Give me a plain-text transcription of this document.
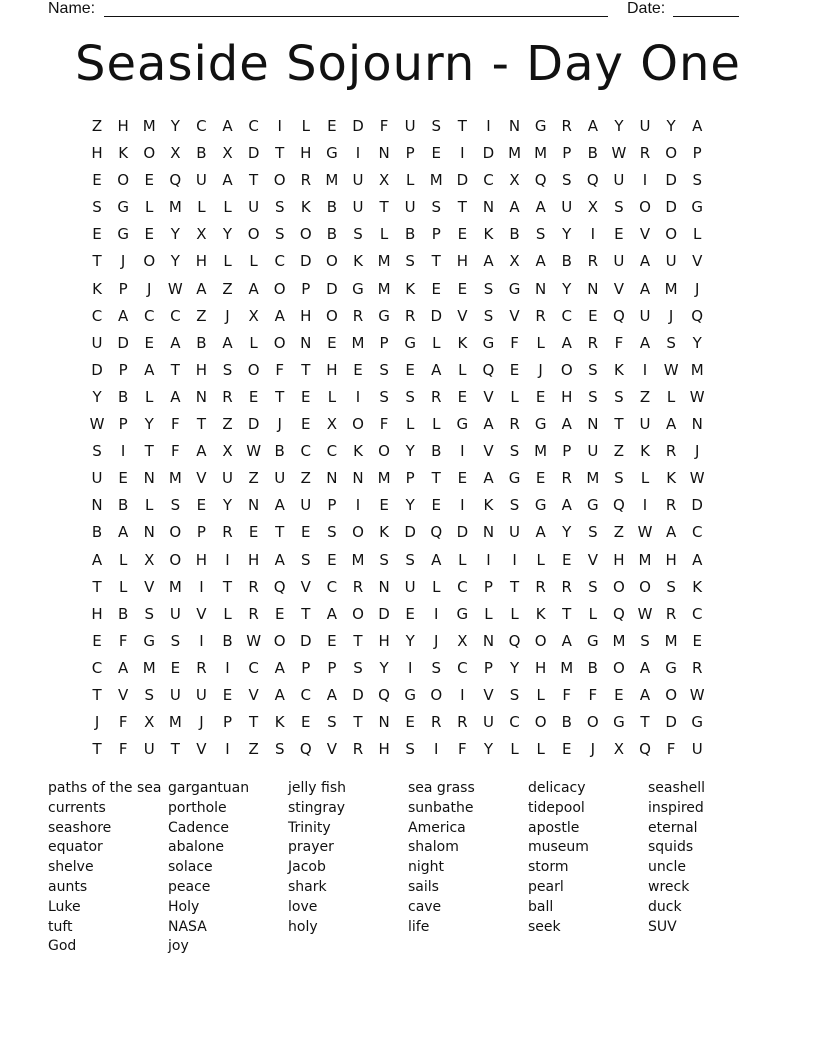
Name:	Date:
Seaside Sojourn - Day One
Z	H M	Y	C	A	C	I	L	E	D	F	U	S	T	I	N G	R	A	Y	U	Y	A
H	K	O	X	B	X	D	T	H G	I	N	P	E	I	D M M	P	B W R O	P
E	O	E	Q U	A	T	O R M U	X	L	M D	C	X	Q	S	Q U	I	D	S
S	G	L	M	L	L	U	S	K	B	U	T	U	S	T	N	A	A	U	X	S	O D G
E	G	E	Y	X	Y	O	S	O	B	S	L	B	P	E	K	B	S	Y	I	E	V	O	L
T	J	O	Y	H	L	L	C	D O	K M S	T	H	A	X	A	B	R	U	A	U	V
K	P	J	W A	Z	A	O	P	D G M K	E	E	S	G N	Y	N	V	A M	J
C	A	C	C	Z	J	X	A	H O R	G	R	D	V	S	V	R	C	E	Q U	J	Q
U D	E	A	B	A	L	O N	E M	P	G	L	K	G	F	L	A	R	F	A	S	Y
D	P	A	T	H	S	O	F	T	H	E	S	E	A	L	Q	E	J	O	S	K	I	W M
Y	B	L	A	N	R	E	T	E	L	I	S	S	R	E	V	L	E	H	S	S	Z	L W
W P	Y	F	T	Z	D	J	E	X	O	F	L	L	G	A	R	G	A	N	T	U	A	N
S	I	T	F	A	X W B	C	C	K	O	Y	B	I	V	S M	P	U	Z	K	R	J
U	E	N M V	U	Z	U	Z	N N M	P	T	E	A	G	E	R M S	L	K W
N	B	L	S	E	Y	N	A	U	P	I	E	Y	E	I	K	S	G	A	G Q	I	R	D
B	A	N O	P	R	E	T	E	S	O	K	D Q D N U	A	Y	S	Z W A	C
A	L	X	O H	I	H	A	S	E M S	S	A	L	I	I	L	E	V	H M H	A
T	L	V M	I	T	R Q	V	C	R	N U	L	C	P	T	R	R	S	O O	S	K
H	B	S	U	V	L	R	E	T	A	O D	E	I	G	L	L	K	T	L	Q W R	C
E	F	G	S	I	B W O D	E	T	H	Y	J	X	N Q O	A	G M S M E
C	A M E	R	I	C	A	P	P	S	Y	I	S	C	P	Y	H M B	O	A	G	R
T	V	S	U	U	E	V	A	C	A	D Q G O	I	V	S	L	F	F	E	A	O W
J	F	X M	J	P	T	K	E	S	T	N	E	R	R	U	C O	B	O G	T	D G
T	F	U	T	V	I	Z	S	Q	V	R	H	S	I	F	Y	L	L	E	J	X	Q	F	U
paths of the sea
currents
seashore
equator
shelve
aunts
Luke
tuft
God
gargantuan
porthole
Cadence
abalone
solace
peace
Holy
NASA
joy
jelly fish
stingray
Trinity
prayer
Jacob
shark
love
holy
sea grass
sunbathe
America
shalom
night
sails
cave
life
delicacy
tidepool
apostle
museum
storm
pearl
ball
seek
seashell
inspired
eternal
squids
uncle
wreck
duck
SUV
